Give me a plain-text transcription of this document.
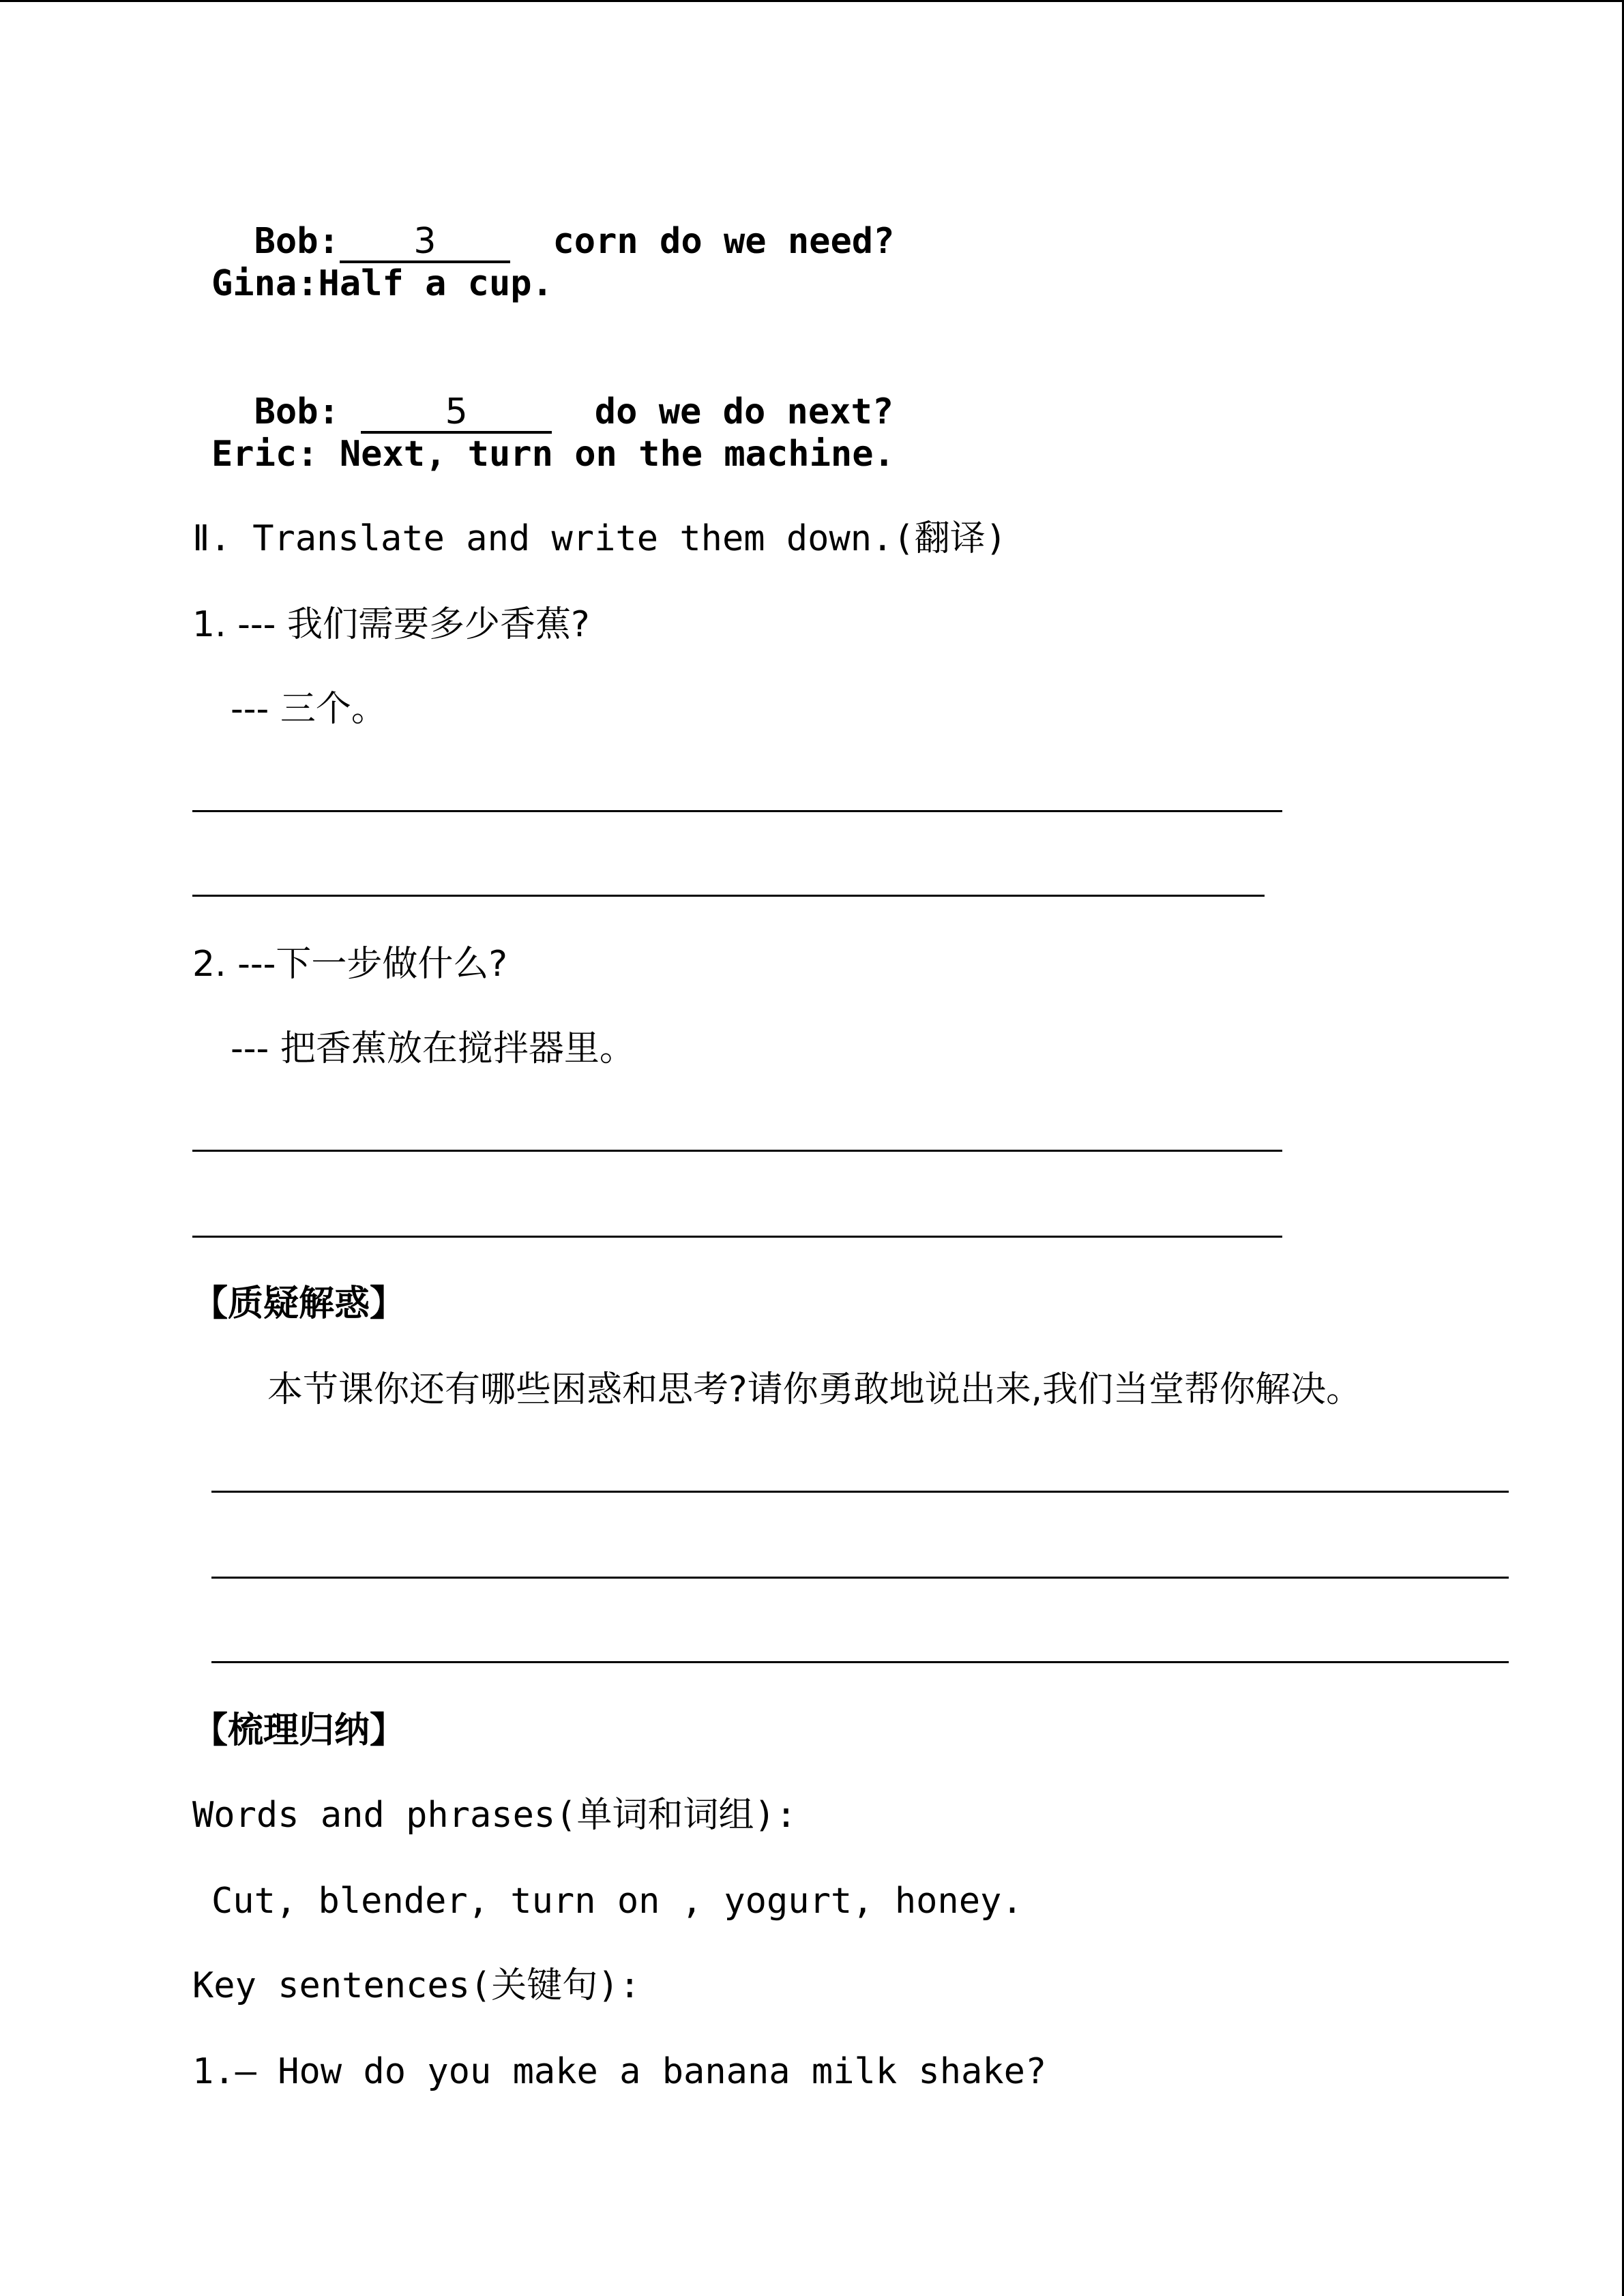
Bob: 3	corn do we need?

Gina:Half a cup.

Bob:	5	do we do next?

Eric: Next, turn on the machine.
Ⅱ. Translate and write them down.(翻译)
1. --- 我们需要多少香蕉?
--- 三个。
2. ---下一步做什么?
--- 把香蕉放在搅拌器里。
【质疑解惑】
本节课你还有哪些困惑和思考?请你勇敢地说出来,我们当堂帮你解决。
【梳理归纳】
Words and phrases(单词和词组):
Cut, blender, turn on , yogurt, honey.
Key sentences(关键句):
1.— How do you make a banana milk shake?
